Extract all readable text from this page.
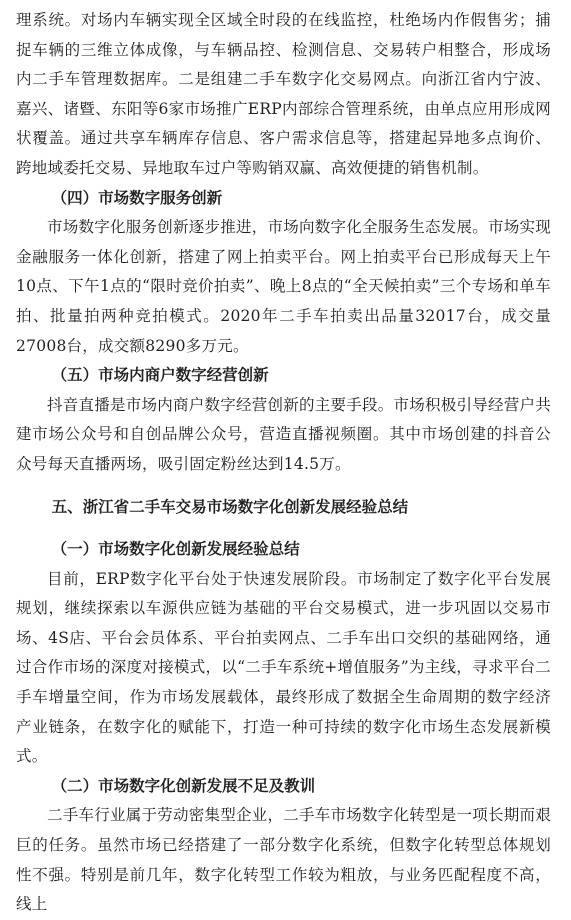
理系统。对场内车辆实现全区域全时段的在线监控，杜绝场内作假售劣；捕捉车辆的三维立体成像，与车辆品控、检测信息、交易转户相整合，形成场内二手车管理数据库。二是组建二手车数字化交易网点。向浙江省内宁波、嘉兴、诸暨、东阳等6家市场推广ERP内部综合管理系统，由单点应用形成网状覆盖。通过共享车辆库存信息、客户需求信息等，搭建起异地多点询价、跨地域委托交易、异地取车过户等购销双赢、高效便捷的销售机制。

（四）市场数字服务创新

市场数字化服务创新逐步推进，市场向数字化全服务生态发展。市场实现金融服务一体化创新，搭建了网上拍卖平台。网上拍卖平台已形成每天上午10点、下午1点的“限时竞价拍卖”、晚上8点的“全天候拍卖”三个专场和单车拍、批量拍两种竞拍模式。2020年二手车拍卖出品量32017台，成交量27008台，成交额8290多万元。

（五）市场内商户数字经营创新

抖音直播是市场内商户数字经营创新的主要手段。市场积极引导经营户共建市场公众号和自创品牌公众号，营造直播视频圈。其中市场创建的抖音公众号每天直播两场，吸引固定粉丝达到14.5万。

五、浙江省二手车交易市场数字化创新发展经验总结
（一）市场数字化创新发展经验总结

目前，ERP数字化平台处于快速发展阶段。市场制定了数字化平台发展规划，继续探索以车源供应链为基础的平台交易模式，进一步巩固以交易市场、4S店、平台会员体系、平台拍卖网点、二手车出口交织的基础网络，通过合作市场的深度对接模式，以“二手车系统+增值服务”为主线，寻求平台二手车增量空间，作为市场发展载体，最终形成了数据全生命周期的数字经济产业链条，在数字化的赋能下，打造一种可持续的数字化市场生态发展新模式。

（二）市场数字化创新发展不足及教训

二手车行业属于劳动密集型企业，二手车市场数字化转型是一项长期而艰巨的任务。虽然市场已经搭建了一部分数字化系统，但数字化转型总体规划性不强。特别是前几年，数字化转型工作较为粗放，与业务匹配程度不高，线上
